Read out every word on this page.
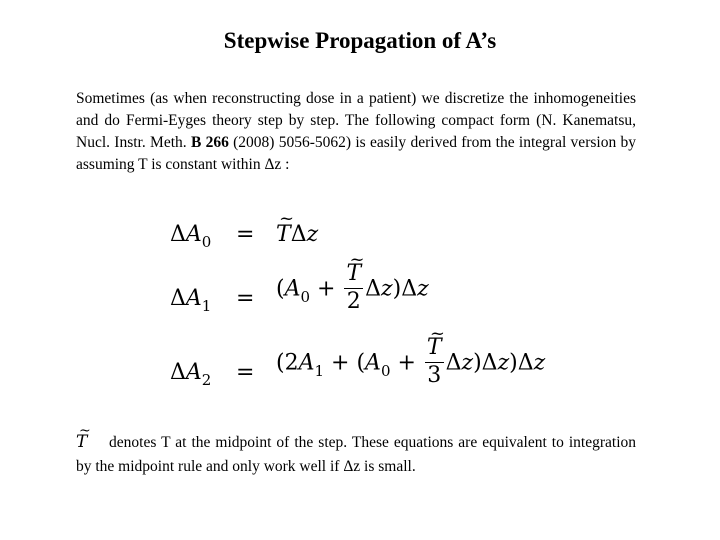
Stepwise Propagation of A’s
Sometimes (as when reconstructing dose in a patient) we discretize the inhomogeneities and do Fermi-Eyges theory step by step. The following compact form (N. Kanematsu, Nucl. Instr. Meth. B 266 (2008) 5056-5062) is easily derived from the integral version by assuming T is constant within Δz :
$\Delta A_0$	= ~ TΔz
$\Delta A_1$	= ($A_0$ + ~ $\frac{T}{2} \Delta z)\Delta z$
$\Delta A_2$	= ($2A_1 + (A_0$ + ~ $\frac{T}{3} \Delta z)\Delta z)\Delta z$
~ T denotes T at the midpoint of the step. These equations are equivalent to integration by the midpoint rule and only work well if Δz is small.
